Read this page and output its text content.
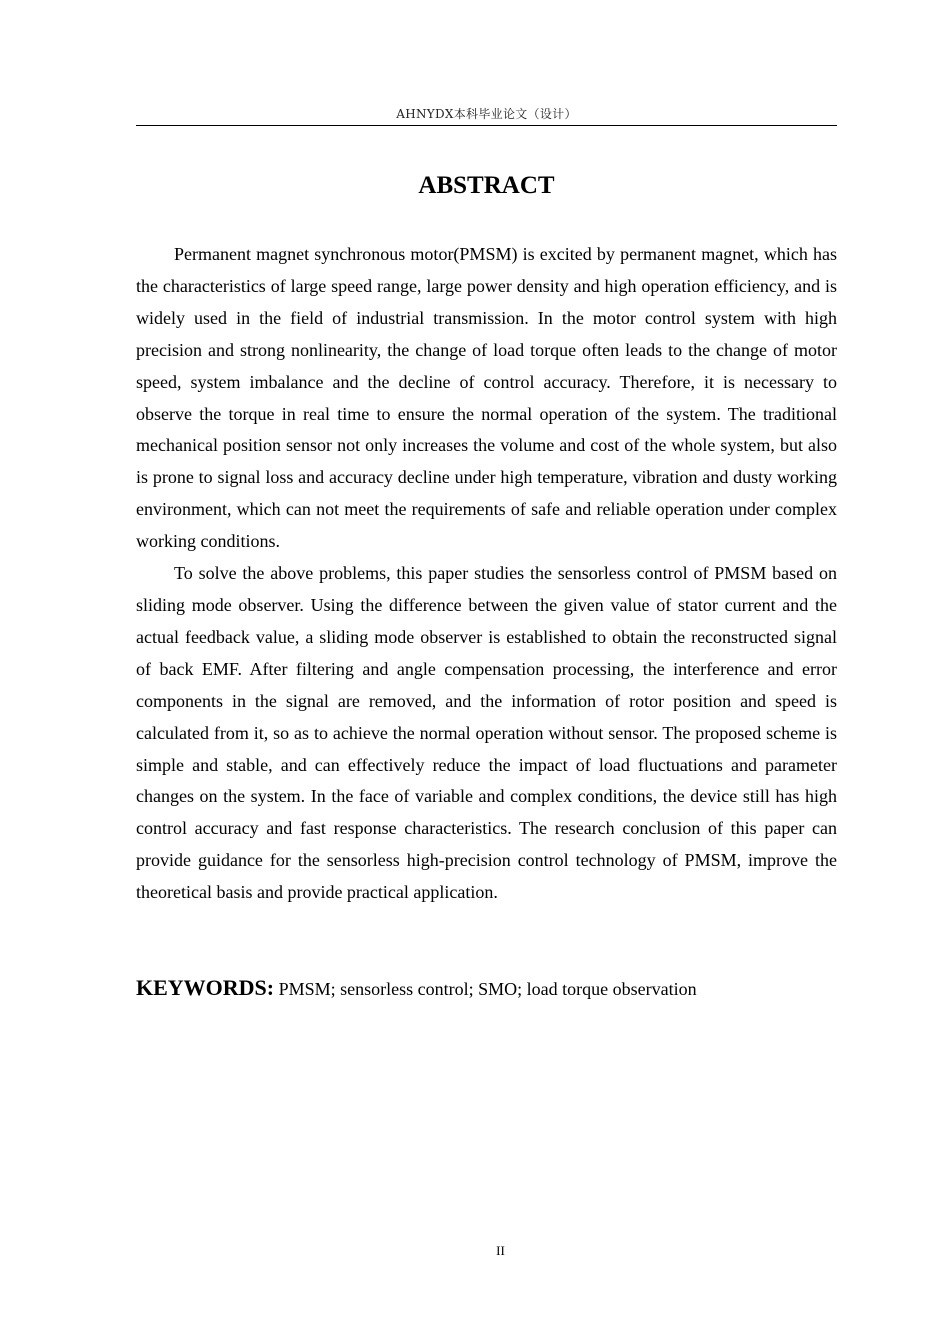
AHNYDX本科毕业论文（设计）
ABSTRACT

Permanent magnet synchronous motor(PMSM) is excited by permanent magnet, which has the characteristics of large speed range, large power density and high operation efficiency, and is widely used in the field of industrial transmission. In the motor control system with high precision and strong nonlinearity, the change of load torque often leads to the change of motor speed, system imbalance and the decline of control accuracy. Therefore, it is necessary to observe the torque in real time to ensure the normal operation of the system. The traditional mechanical position sensor not only increases the volume and cost of the whole system, but also is prone to signal loss and accuracy decline under high temperature, vibration and dusty working environment, which can not meet the requirements of safe and reliable operation under complex working conditions.

To solve the above problems, this paper studies the sensorless control of PMSM based on sliding mode observer. Using the difference between the given value of stator current and the actual feedback value, a sliding mode observer is established to obtain the reconstructed signal of back EMF. After filtering and angle compensation processing, the interference and error components in the signal are removed, and the information of rotor position and speed is calculated from it, so as to achieve the normal operation without sensor. The proposed scheme is simple and stable, and can effectively reduce the impact of load fluctuations and parameter changes on the system. In the face of variable and complex conditions, the device still has high control accuracy and fast response characteristics. The research conclusion of this paper can provide guidance for the sensorless high-precision control technology of PMSM, improve the theoretical basis and provide practical application.

KEYWORDS: PMSM; sensorless control; SMO; load torque observation

II
